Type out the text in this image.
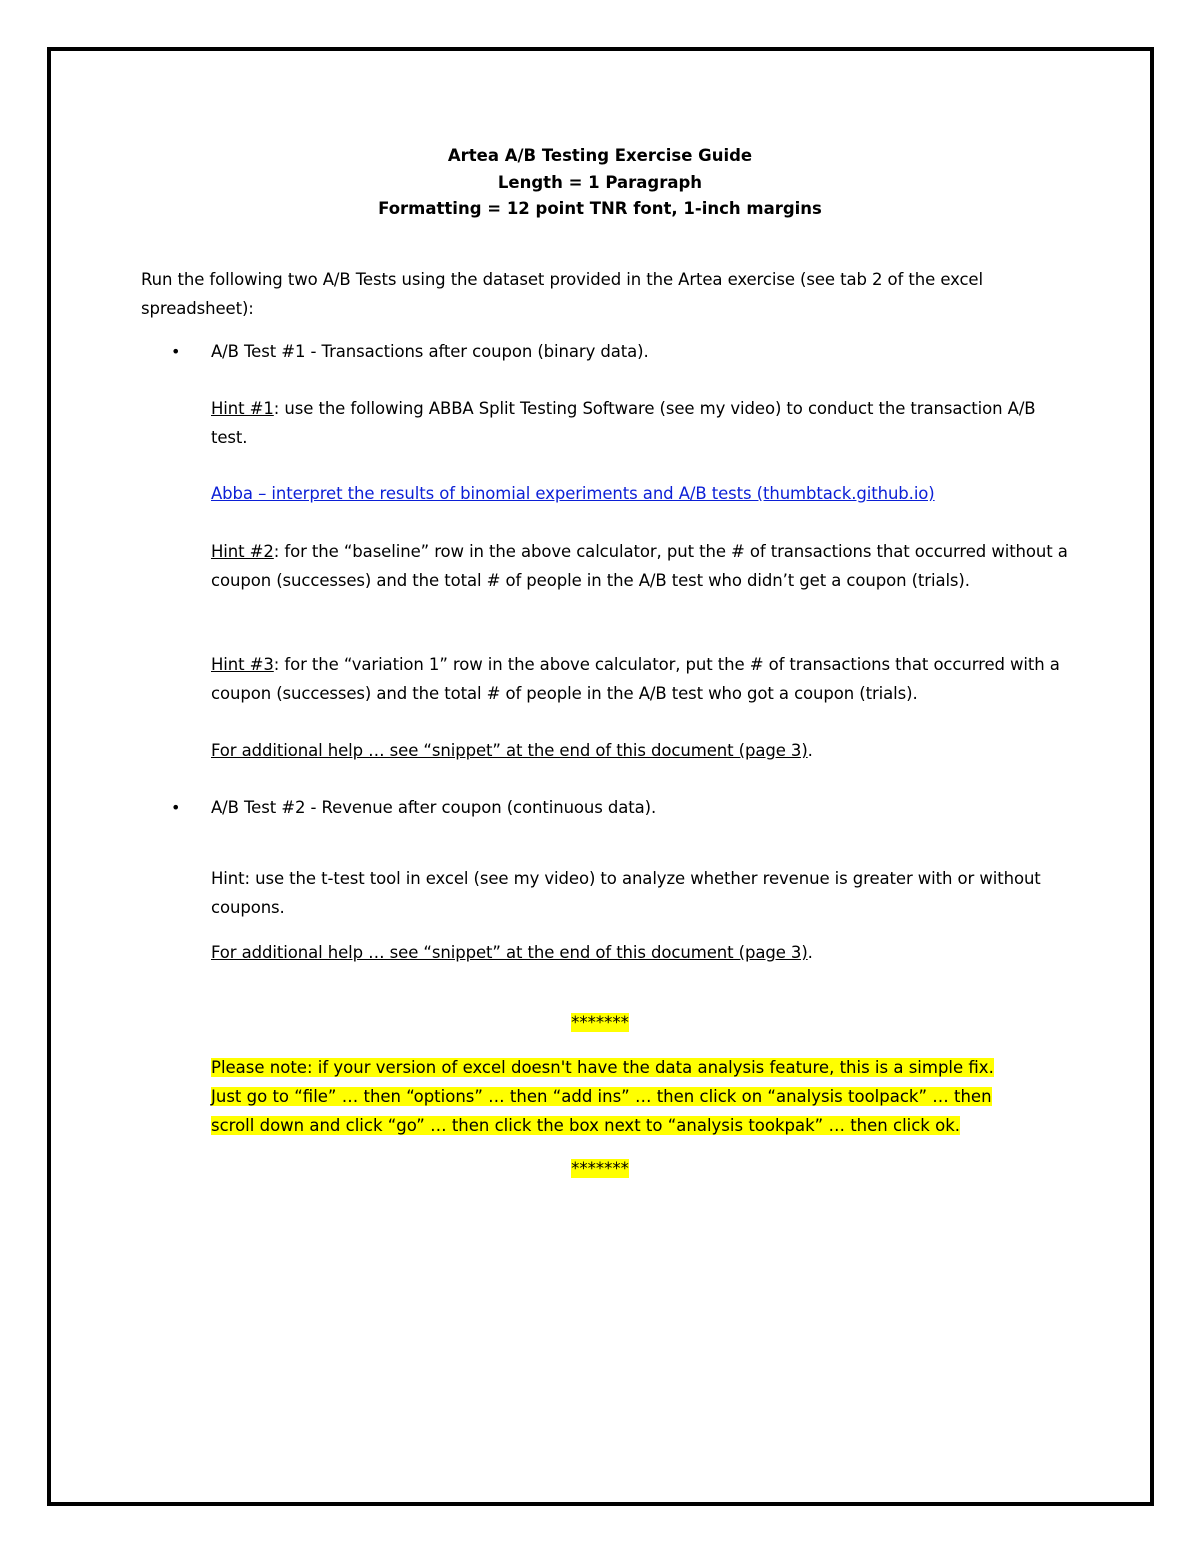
Artea A/B Testing Exercise Guide
Length = 1 Paragraph
Formatting = 12 point TNR font, 1-inch margins
Run the following two A/B Tests using the dataset provided in the Artea exercise (see tab 2 of the excel spreadsheet):
• A/B Test #1 - Transactions after coupon (binary data).
Hint #1: use the following ABBA Split Testing Software (see my video) to conduct the transaction A/B test.
Abba – interpret the results of binomial experiments and A/B tests (thumbtack.github.io)
Hint #2: for the “baseline” row in the above calculator, put the # of transactions that occurred without a coupon (successes) and the total # of people in the A/B test who didn’t get a coupon (trials).
Hint #3: for the “variation 1” row in the above calculator, put the # of transactions that occurred with a coupon (successes) and the total # of people in the A/B test who got a coupon (trials).
For additional help … see “snippet” at the end of this document (page 3).
• A/B Test #2 - Revenue after coupon (continuous data).
Hint: use the t-test tool in excel (see my video) to analyze whether revenue is greater with or without coupons.
For additional help … see “snippet” at the end of this document (page 3).
*******
Please note: if your version of excel doesn't have the data analysis feature, this is a simple fix.
Just go to “file” … then “options” … then “add ins” … then click on “analysis toolpack” … then
scroll down and click “go” … then click the box next to “analysis tookpak” … then click ok.
*******
